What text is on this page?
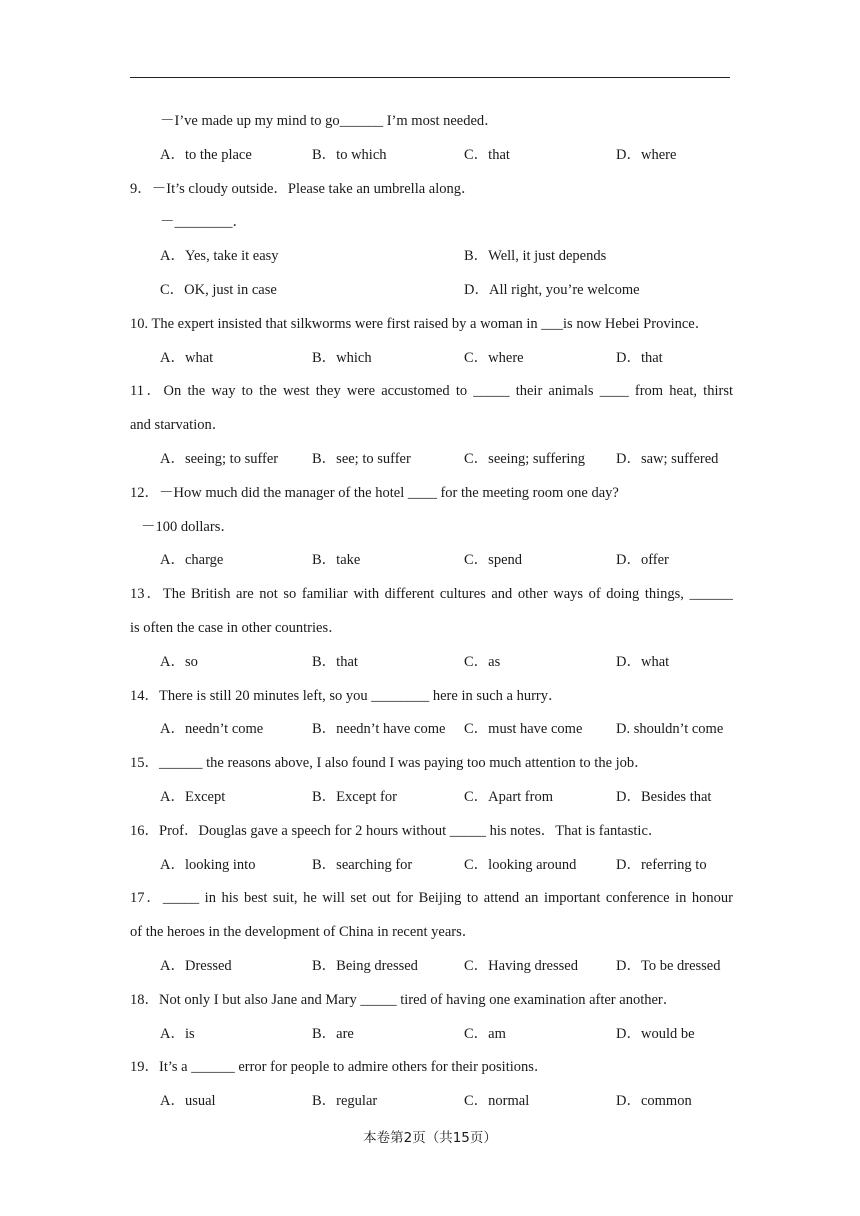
－I’ve made up my mind to go______ I’m most needed．
A．to the place	B．to which	C．that	D．where
9．－It’s cloudy outside．Please take an umbrella along．
－________．
A．Yes, take it easy	B．Well, it just depends
C．OK, just in case	D．All right, you’re welcome
10. The expert insisted that silkworms were first raised by a woman in ___is now Hebei Province．
A．what	B．which	C．where	D．that
11．On the way to the west they were accustomed to _____ their animals ____ from heat, thirst
and starvation．
A．seeing; to suffer	B．see; to suffer	C．seeing; suffering	D．saw; suffered
12．－How much did the manager of the hotel ____ for the meeting room one day?
－100 dollars．
A．charge	B．take	C．spend	D．offer
13．The British are not so familiar with different cultures and other ways of doing things, ______
is often the case in other countries．
A．so	B．that	C．as	D．what
14．There is still 20 minutes left, so you ________ here in such a hurry．
A．needn’t come	B．needn’t have come	C．must have come	D. shouldn’t come
15．______ the reasons above, I also found I was paying too much attention to the job．
A．Except	B．Except for	C．Apart from	D．Besides that
16．Prof．Douglas gave a speech for 2 hours without _____ his notes．That is fantastic．
A．looking into	B．searching for	C．looking around	D．referring to
17．_____ in his best suit, he will set out for Beijing to attend an important conference in honour
of the heroes in the development of China in recent years．
A．Dressed	B．Being dressed	C．Having dressed	D．To be dressed
18．Not only I but also Jane and Mary _____ tired of having one examination after another．
A．is	B．are	C．am	D．would be
19．It’s a ______ error for people to admire others for their positions．
A．usual	B．regular	C．normal	D．common
本卷第2页（共15页）
